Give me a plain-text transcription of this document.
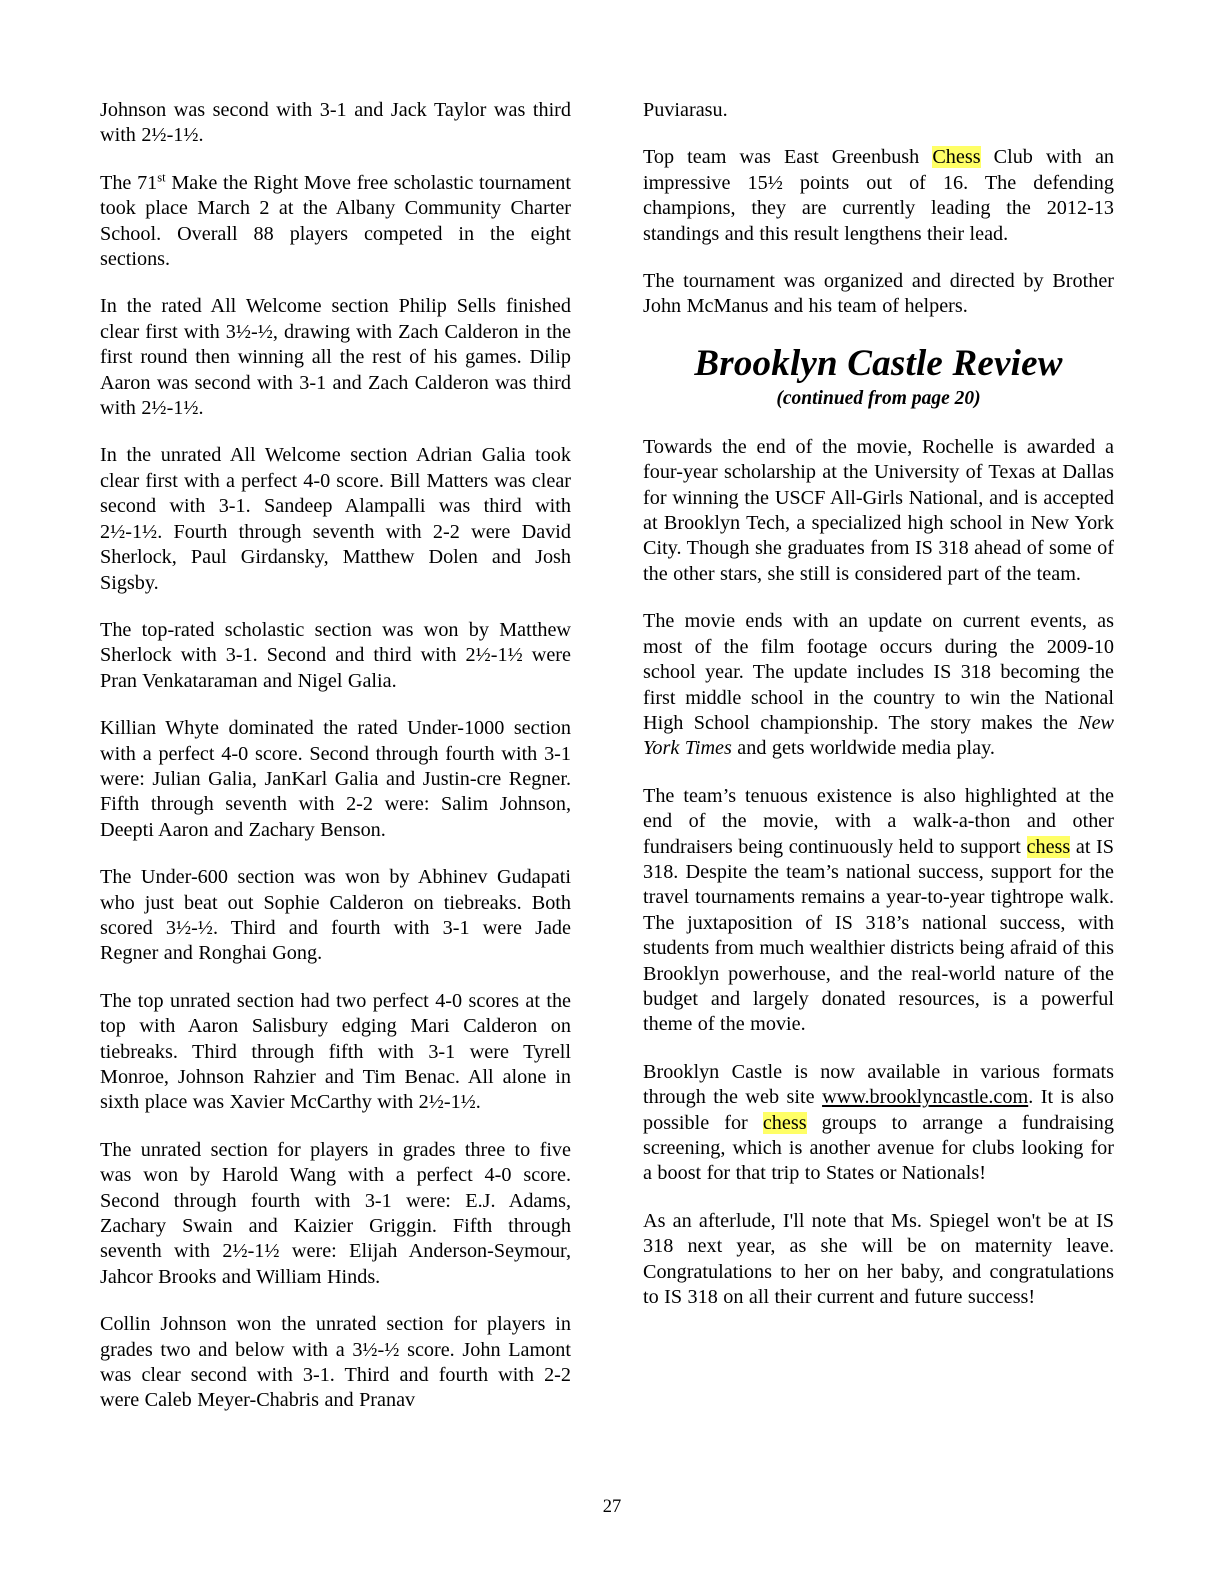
Johnson was second with 3-1 and Jack Taylor was third with 2½-1½.

The 71st Make the Right Move free scholastic tournament took place March 2 at the Albany Community Charter School. Overall 88 players competed in the eight sections.

In the rated All Welcome section Philip Sells finished clear first with 3½-½, drawing with Zach Calderon in the first round then winning all the rest of his games. Dilip Aaron was second with 3-1 and Zach Calderon was third with 2½-1½.

In the unrated All Welcome section Adrian Galia took clear first with a perfect 4-0 score. Bill Matters was clear second with 3-1. Sandeep Alampalli was third with 2½-1½. Fourth through seventh with 2-2 were David Sherlock, Paul Girdansky, Matthew Dolen and Josh Sigsby.

The top-rated scholastic section was won by Matthew Sherlock with 3-1. Second and third with 2½-1½ were Pran Venkataraman and Nigel Galia.

Killian Whyte dominated the rated Under-1000 section with a perfect 4-0 score. Second through fourth with 3-1 were: Julian Galia, JanKarl Galia and Justin-cre Regner. Fifth through seventh with 2-2 were: Salim Johnson, Deepti Aaron and Zachary Benson.

The Under-600 section was won by Abhinev Gudapati who just beat out Sophie Calderon on tiebreaks. Both scored 3½-½. Third and fourth with 3-1 were Jade Regner and Ronghai Gong.

The top unrated section had two perfect 4-0 scores at the top with Aaron Salisbury edging Mari Calderon on tiebreaks. Third through fifth with 3-1 were Tyrell Monroe, Johnson Rahzier and Tim Benac. All alone in sixth place was Xavier McCarthy with 2½-1½.

The unrated section for players in grades three to five was won by Harold Wang with a perfect 4-0 score. Second through fourth with 3-1 were: E.J. Adams, Zachary Swain and Kaizier Griggin. Fifth through seventh with 2½-1½ were: Elijah Anderson-Seymour, Jahcor Brooks and William Hinds.

Collin Johnson won the unrated section for players in grades two and below with a 3½-½ score. John Lamont was clear second with 3-1. Third and fourth with 2-2 were Caleb Meyer-Chabris and Pranav

Puviarasu.

Top team was East Greenbush Chess Club with an impressive 15½ points out of 16. The defending champions, they are currently leading the 2012-13 standings and this result lengthens their lead.

The tournament was organized and directed by Brother John McManus and his team of helpers.

Brooklyn Castle Review
(continued from page 20)

Towards the end of the movie, Rochelle is awarded a four-year scholarship at the University of Texas at Dallas for winning the USCF All-Girls National, and is accepted at Brooklyn Tech, a specialized high school in New York City. Though she graduates from IS 318 ahead of some of the other stars, she still is considered part of the team.

The movie ends with an update on current events, as most of the film footage occurs during the 2009-10 school year. The update includes IS 318 becoming the first middle school in the country to win the National High School championship. The story makes the New York Times and gets worldwide media play.

The team’s tenuous existence is also highlighted at the end of the movie, with a walk-a-thon and other fundraisers being continuously held to support chess at IS 318. Despite the team’s national success, support for the travel tournaments remains a year-to-year tightrope walk. The juxtaposition of IS 318’s national success, with students from much wealthier districts being afraid of this Brooklyn powerhouse, and the real-world nature of the budget and largely donated resources, is a powerful theme of the movie.

Brooklyn Castle is now available in various formats through the web site www.brooklyncastle.com. It is also possible for chess groups to arrange a fundraising screening, which is another avenue for clubs looking for a boost for that trip to States or Nationals!

As an afterlude, I'll note that Ms. Spiegel won't be at IS 318 next year, as she will be on maternity leave. Congratulations to her on her baby, and congratulations to IS 318 on all their current and future success!

27
